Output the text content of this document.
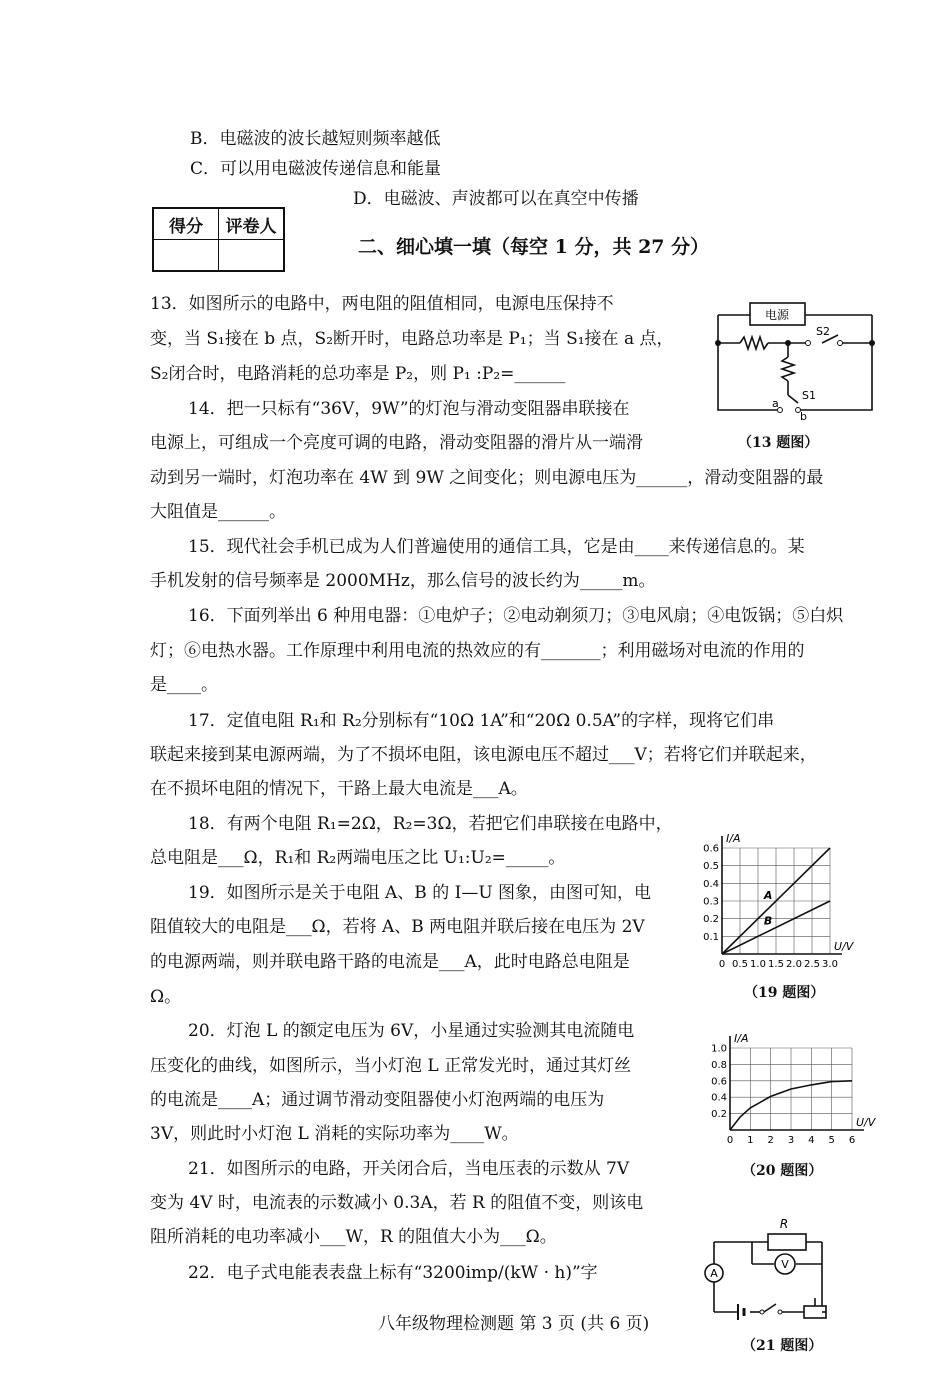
B．电磁波的波长越短则频率越低
C．可以用电磁波传递信息和能量
D．电磁波、声波都可以在真空中传播
得分	评卷人

二、细心填一填（每空 1 分，共 27 分）
13．如图所示的电路中，两电阻的阻值相同，电源电压保持不
变，当 S₁接在 b 点，S₂断开时，电路总功率是 P₁；当 S₁接在 a 点，
S₂闭合时，电路消耗的总功率是 P₂，则 P₁ :P₂=______
14．把一只标有“36V，9W”的灯泡与滑动变阻器串联接在
电源上，可组成一个亮度可调的电路，滑动变阻器的滑片从一端滑
动到另一端时，灯泡功率在 4W 到 9W 之间变化；则电源电压为______，滑动变阻器的最
大阻值是______。
15．现代社会手机已成为人们普遍使用的通信工具，它是由____来传递信息的。某
手机发射的信号频率是 2000MHz，那么信号的波长约为_____m。
16．下面列举出 6 种用电器：①电炉子；②电动剃须刀；③电风扇；④电饭锅；⑤白炽
灯；⑥电热水器。工作原理中利用电流的热效应的有_______；利用磁场对电流的作用的
是____。
17．定值电阻 R₁和 R₂分别标有“10Ω 1A”和“20Ω 0.5A”的字样，现将它们串
联起来接到某电源两端，为了不损坏电阻，该电源电压不超过___V；若将它们并联起来，
在不损坏电阻的情况下，干路上最大电流是___A。
18．有两个电阻 R₁=2Ω，R₂=3Ω，若把它们串联接在电路中，
总电阻是___Ω，R₁和 R₂两端电压之比 U₁:U₂=_____。
19．如图所示是关于电阻 A、B 的 I—U 图象，由图可知，电
阻值较大的电阻是___Ω，若将 A、B 两电阻并联后接在电压为 2V
的电源两端，则并联电路干路的电流是___A，此时电路总电阻是
Ω。
20．灯泡 L 的额定电压为 6V，小星通过实验测其电流随电
压变化的曲线，如图所示，当小灯泡 L 正常发光时，通过其灯丝
的电流是____A；通过调节滑动变阻器使小灯泡两端的电压为
3V，则此时小灯泡 L 消耗的实际功率为____W。
21．如图所示的电路，开关闭合后，当电压表的示数从 7V
变为 4V 时，电流表的示数减小 0.3A，若 R 的阻值不变，则该电
阻所消耗的电功率减小___W，R 的阻值大小为___Ω。
22．电子式电能表表盘上标有“3200imp/(kW · h)”字
电源
S2
S1
a
b
（13 题图）
U/V
I/A
0 0.5 1.0 1.5 2.0 2.5 3.0
0.1
0.2
0.3
0.4
0.5
0.6
A
B
（19 题图）
U/V
I/A
0 1 2 3 4 5 6
0.2
0.4
0.6
0.8
1.0
（20 题图）
A
V
R
（21 题图）
八年级物理检测题 第 3 页 (共 6 页)
